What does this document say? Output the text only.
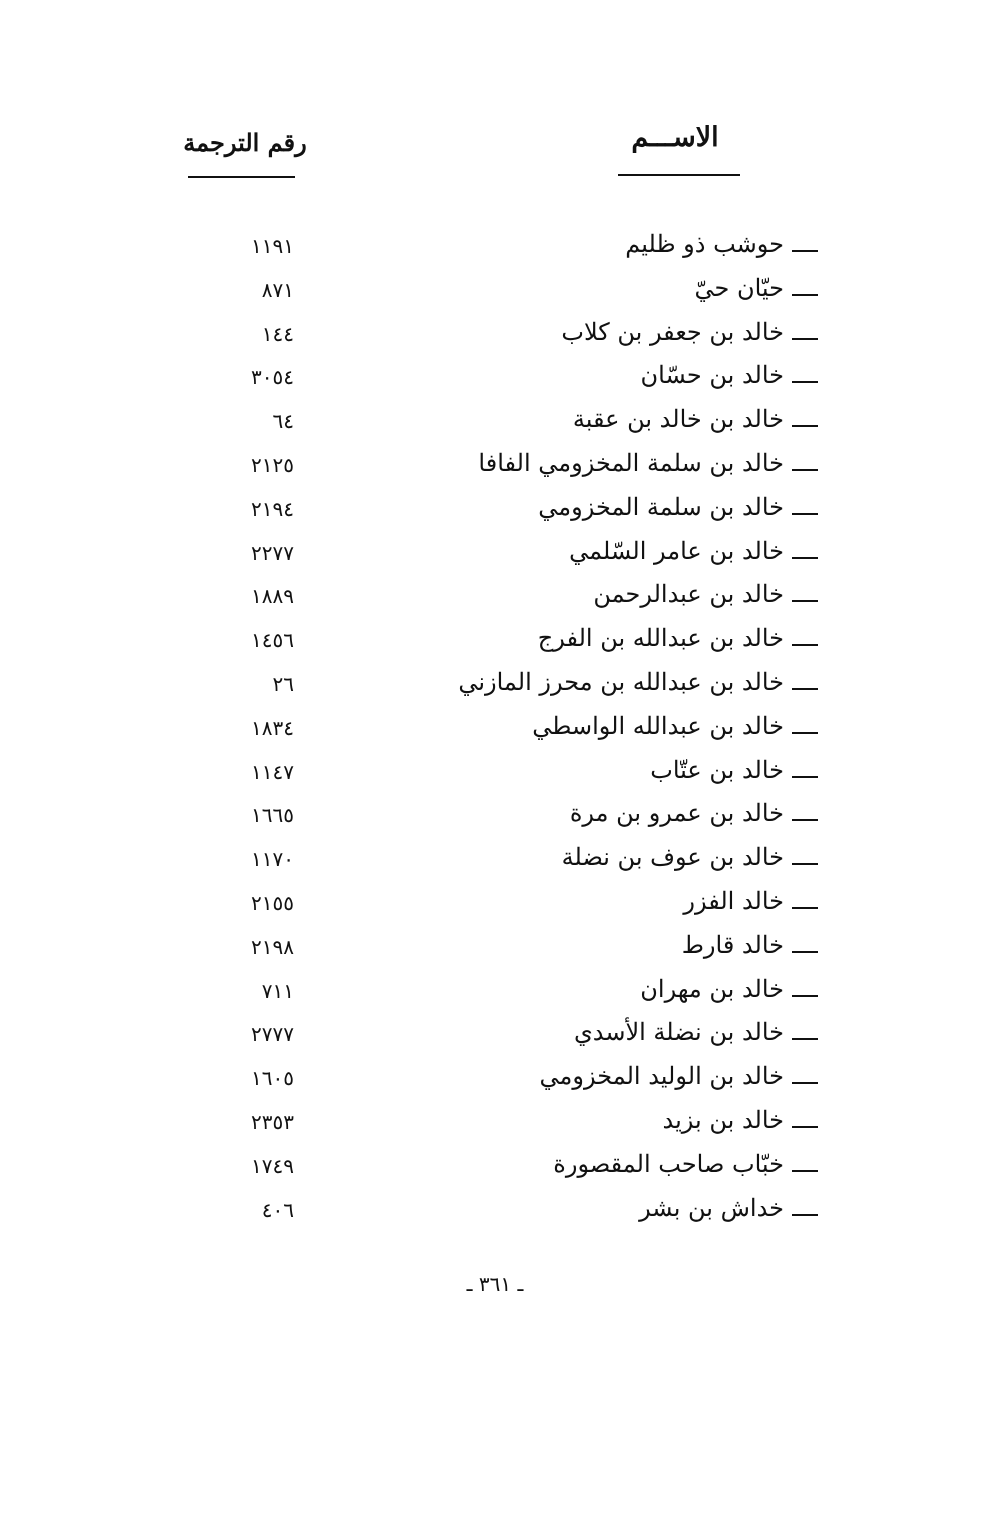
الاســـم
رقم الترجمة
حوشب ذو ظليم
١١٩١
حيّان حيّ
٨٧١
خالد بن جعفر بن كلاب
١٤٤
خالد بن حسّان
٣٠٥٤
خالد بن خالد بن عقبة
٦٤
خالد بن سلمة المخزومي الفافا
٢١٢٥
خالد بن سلمة المخزومي
٢١٩٤
خالد بن عامر السّلمي
٢٢٧٧
خالد بن عبدالرحمن
١٨٨٩
خالد بن عبدالله بن الفرج
١٤٥٦
خالد بن عبدالله بن محرز المازني
٢٦
خالد بن عبدالله الواسطي
١٨٣٤
خالد بن عتّاب
١١٤٧
خالد بن عمرو بن مرة
١٦٦٥
خالد بن عوف بن نضلة
١١٧٠
خالد الفزر
٢١٥٥
خالد قارط
٢١٩٨
خالد بن مهران
٧١١
خالد بن نضلة الأسدي
٢٧٧٧
خالد بن الوليد المخزومي
١٦٠٥
خالد بن بزيد
٢٣٥٣
خبّاب صاحب المقصورة
١٧٤٩
خداش بن بشر
٤٠٦
ـ ٣٦١ ـ
